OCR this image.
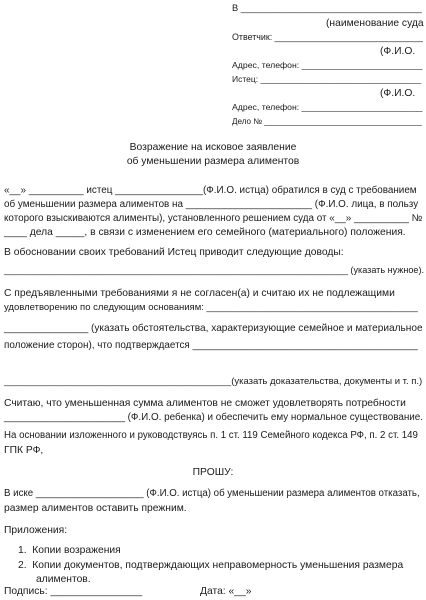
В ___________________________________
(наименование суда
Ответчик: ______________________________
(Ф.И.О.
Адрес, телефон: _________________________
Истец: __________________________________
(Ф.И.О.
Адрес, телефон: _________________________
Дело № ___________________________________
Возражение на исковое заявление
об уменьшении размера алиментов
«__» __________ истец ________________(Ф.И.О. истца) обратился в суд с требованием
об уменьшении размера алиментов на _______________________ (Ф.И.О. лица, в пользу
которого взыскиваются алименты), установленного решением суда от «__» __________ №
____ дела _____, в связи с изменением его семейного (материального) положения.
В обосновании своих требований Истец приводит следующие доводы:
____________________________________________________________________ (указать нужное).
С предъявленными требованиями я не согласен(а) и считаю их не подлежащими
удовлетворению по следующим основаниям: ________________________________________
_______________ (указать обстоятельства, характеризующие семейное и материальное
положение сторон), что подтверждается _________________________________________
___________________________________________(указать доказательства, документы и т. п.)
Считаю, что уменьшенная сумма алиментов не сможет удовлетворять потребности
______________________ (Ф.И.О. ребенка) и обеспечить ему нормальное существование.
На основании изложенного и руководствуясь п. 1 ст. 119 Семейного кодекса РФ, п. 2 ст. 149
ГПК РФ,
ПРОШУ:
В иске ____________________ (Ф.И.О. истца) об уменьшении размера алиментов отказать,
размер алиментов оставить прежним.
Приложения:
1.  Копии возражения
2.  Копии документов, подтверждающих неправомерность уменьшения размера
алиментов.
Подпись: ________________	Дата: «__»
